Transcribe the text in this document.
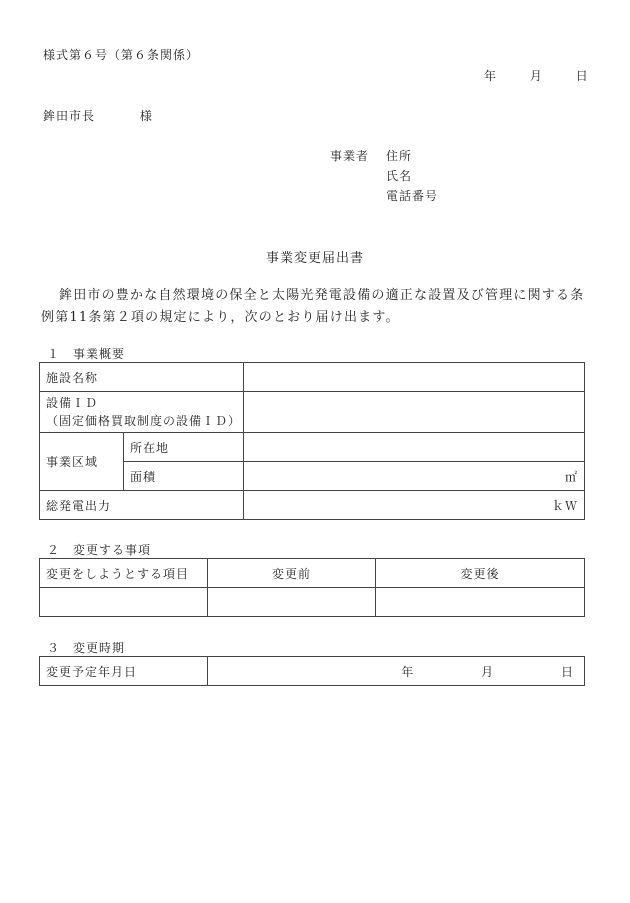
様式第６号（第６条関係）
年	月	日
鉾田市長	様
事業者 住所
氏名
電話番号
事業変更届出書
鉾田市の豊かな自然環境の保全と太陽光発電設備の適正な設置及び管理に関する条
例第11条第２項の規定により，次のとおり届け出ます。
１　事業概要
施設名称		

設備ＩＤ
（固定価格買取制度の設備ＩＤ）		

事業区域	所在地	
	面積	㎡
総発電出力		ｋＷ
２　変更する事項
変更をしようとする項目	変更前	変更後

３　変更時期
変更予定年月日	年	月	日
